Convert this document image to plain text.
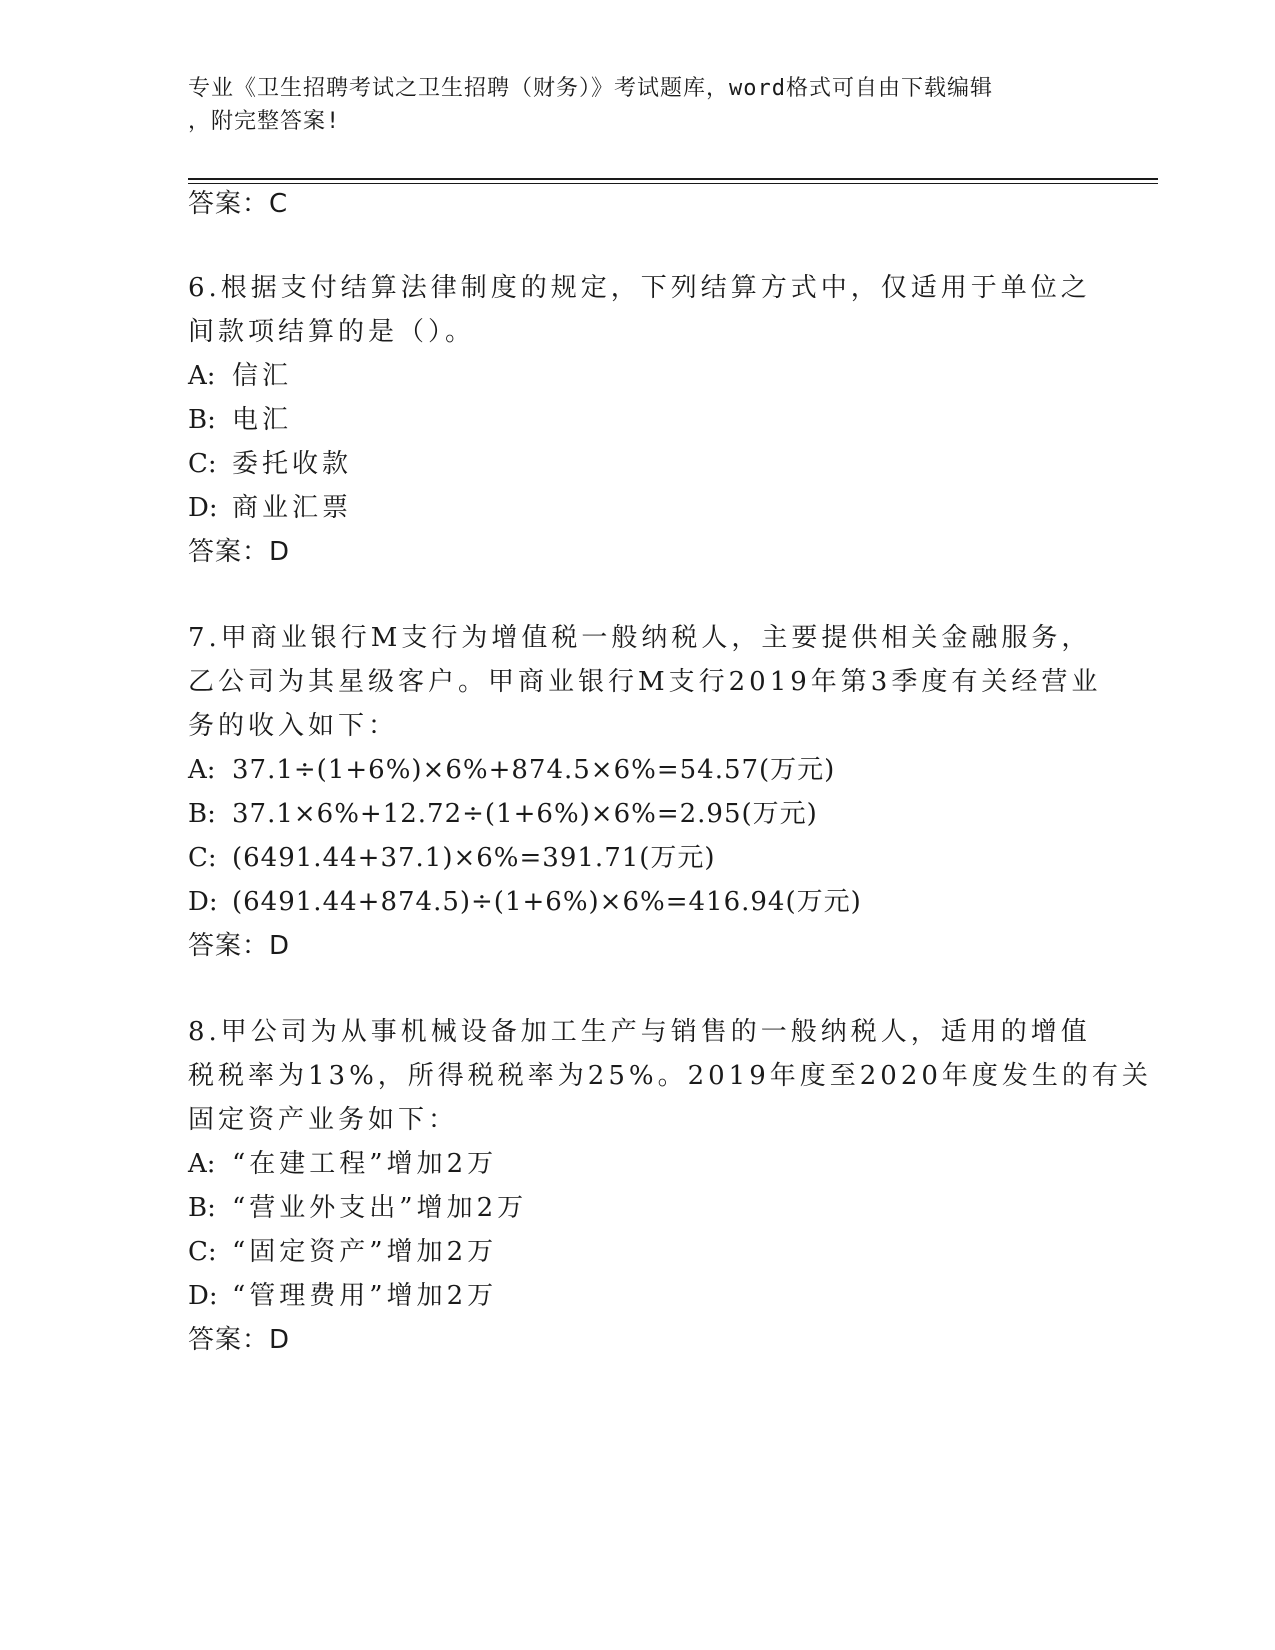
专业《卫生招聘考试之卫生招聘（财务）》考试题库，word格式可自由下载编辑
，附完整答案!
答案：C
6.根据支付结算法律制度的规定，下列结算方式中，仅适用于单位之
间款项结算的是（）。
A: 信汇
B: 电汇
C: 委托收款
D: 商业汇票
答案：D
7.甲商业银行M支行为增值税一般纳税人，主要提供相关金融服务，
乙公司为其星级客户。甲商业银行M支行2019年第3季度有关经营业
务的收入如下：
A: 37.1÷(1+6%)×6%+874.5×6%=54.57(万元)
B: 37.1×6%+12.72÷(1+6%)×6%=2.95(万元)
C: (6491.44+37.1)×6%=391.71(万元)
D: (6491.44+874.5)÷(1+6%)×6%=416.94(万元)
答案：D
8.甲公司为从事机械设备加工生产与销售的一般纳税人，适用的增值
税税率为13%，所得税税率为25%。2019年度至2020年度发生的有关
固定资产业务如下：
A: “在建工程”增加2万
B: “营业外支出”增加2万
C: “固定资产”增加2万
D: “管理费用”增加2万
答案：D
